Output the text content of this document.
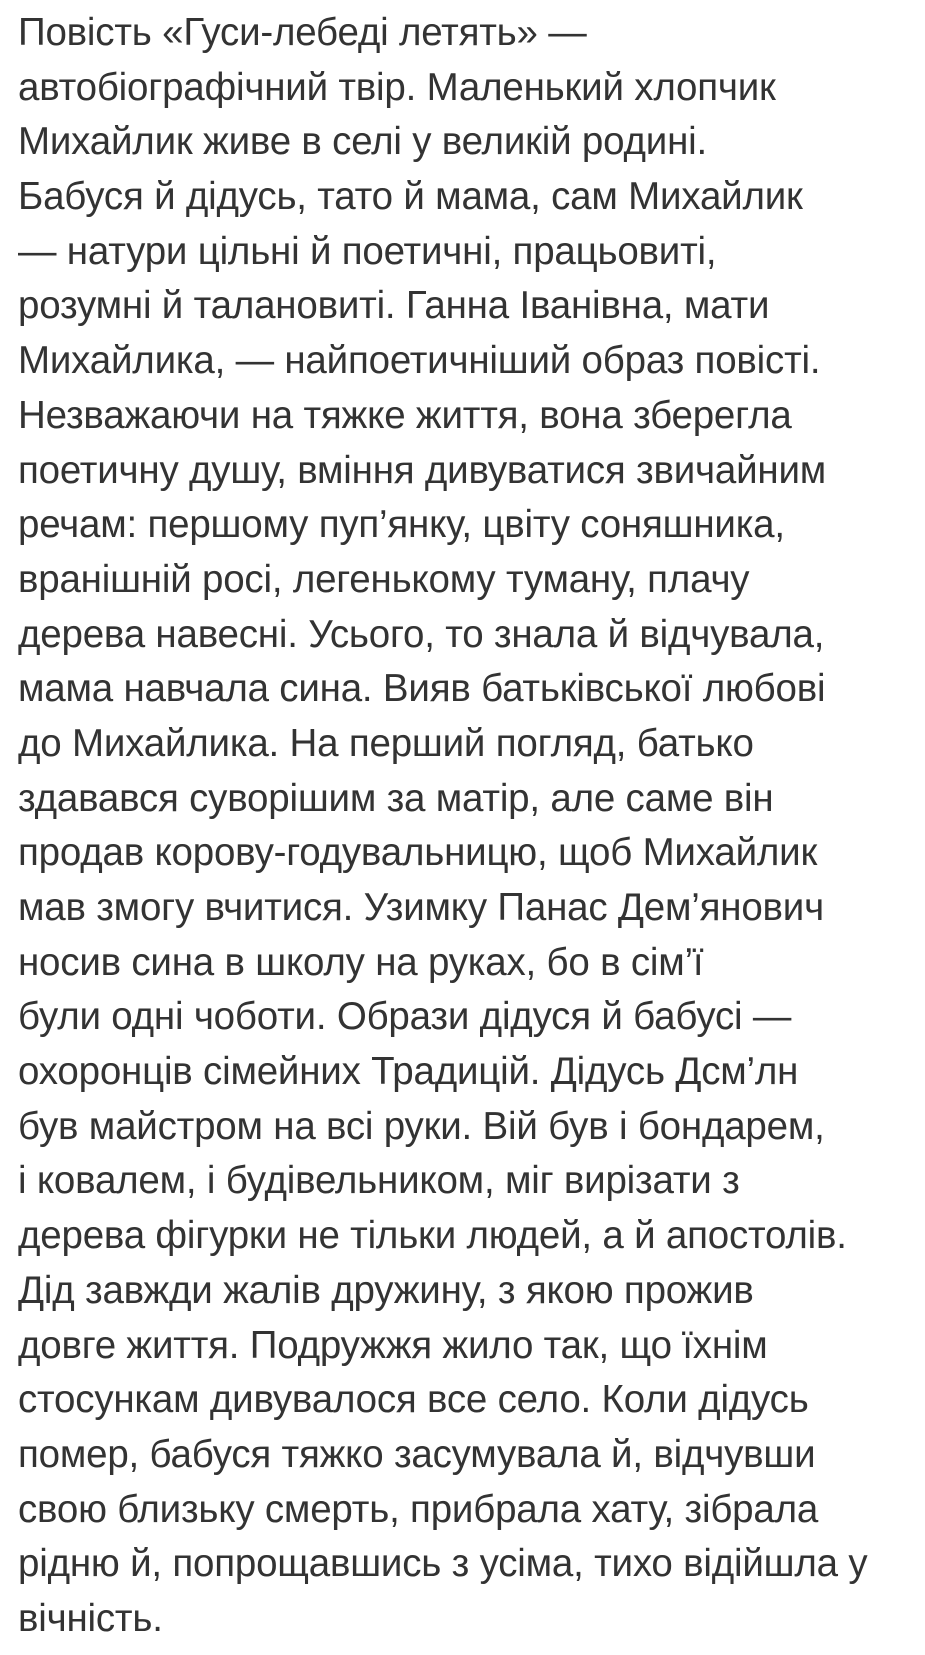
Повість «Гуси-лебеді летять» —
автобіографічний твір. Маленький хлопчик
Михайлик живе в селі у великій родині.
Бабуся й дідусь, тато й мама, сам Михайлик
— натури цільні й поетичні, працьовиті,
розумні й талановиті. Ганна Іванівна, мати
Михайлика, — найпоетичніший образ повісті.
Незважаючи на тяжке життя, вона зберегла
поетичну душу, вміння дивуватися звичайним
речам: першому пуп’янку, цвіту соняшника,
вранішній росі, легенькому туману, плачу
дерева навесні. Усього, то знала й відчувала,
мама навчала сина. Вияв батьківської любові
до Михайлика. На перший погляд, батько
здавався суворішим за матір, але саме він
продав корову-годувальницю, щоб Михайлик
мав змогу вчитися. Узимку Панас Дем’янович
носив сина в школу на руках, бо в сім’ї
були одні чоботи. Образи дідуся й бабусі —
охоронців сімейних Традицій. Дідусь Дсм’лн
був майстром на всі руки. Вій був і бондарем,
і ковалем, і будівельником, міг вирізати з
дерева фігурки не тільки людей, а й апостолів.
Дід завжди жалів дружину, з якою прожив
довге життя. Подружжя жило так, що їхнім
стосункам дивувалося все село. Коли дідусь
помер, бабуся тяжко засумувала й, відчувши
свою близьку смерть, прибрала хату, зібрала
рідню й, попрощавшись з усіма, тихо відійшла у
вічність.
